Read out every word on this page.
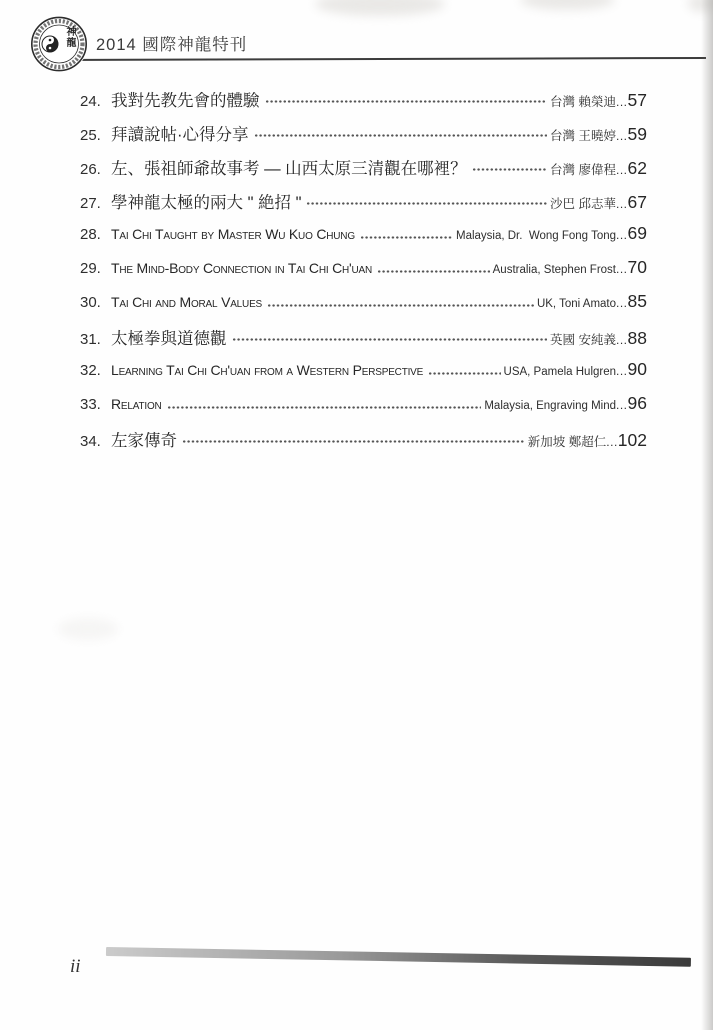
神龍 2014 國際神龍特刊
24. 我對先教先會的體驗	台灣 賴榮迪 ... 57
25. 拜讀說帖·心得分享	台灣 王曉婷 ... 59
26. 左、張祖師爺故事考 — 山西太原三清觀在哪裡？	台灣 廖偉程 ... 62
27. 學神龍太極的兩大 " 絶招 "	沙巴 邱志華 ... 67
28. Tai Chi Taught by Master Wu Kuo Chung	Malaysia, Dr.  Wong Fong Tong ... 69
29. The Mind-Body Connection in Tai Chi Ch'uan	Australia, Stephen Frost ... 70
30. Tai Chi and Moral Values	UK, Toni Amato ... 85
31. 太極拳與道德觀	英國 安純義 ... 88
32. Learning Tai Chi Ch'uan from a Western Perspective	USA, Pamela Hulgren ... 90
33. Relation	Malaysia, Engraving Mind ... 96
34. 左家傳奇	新加坡 鄭超仁 ... 102
ii
